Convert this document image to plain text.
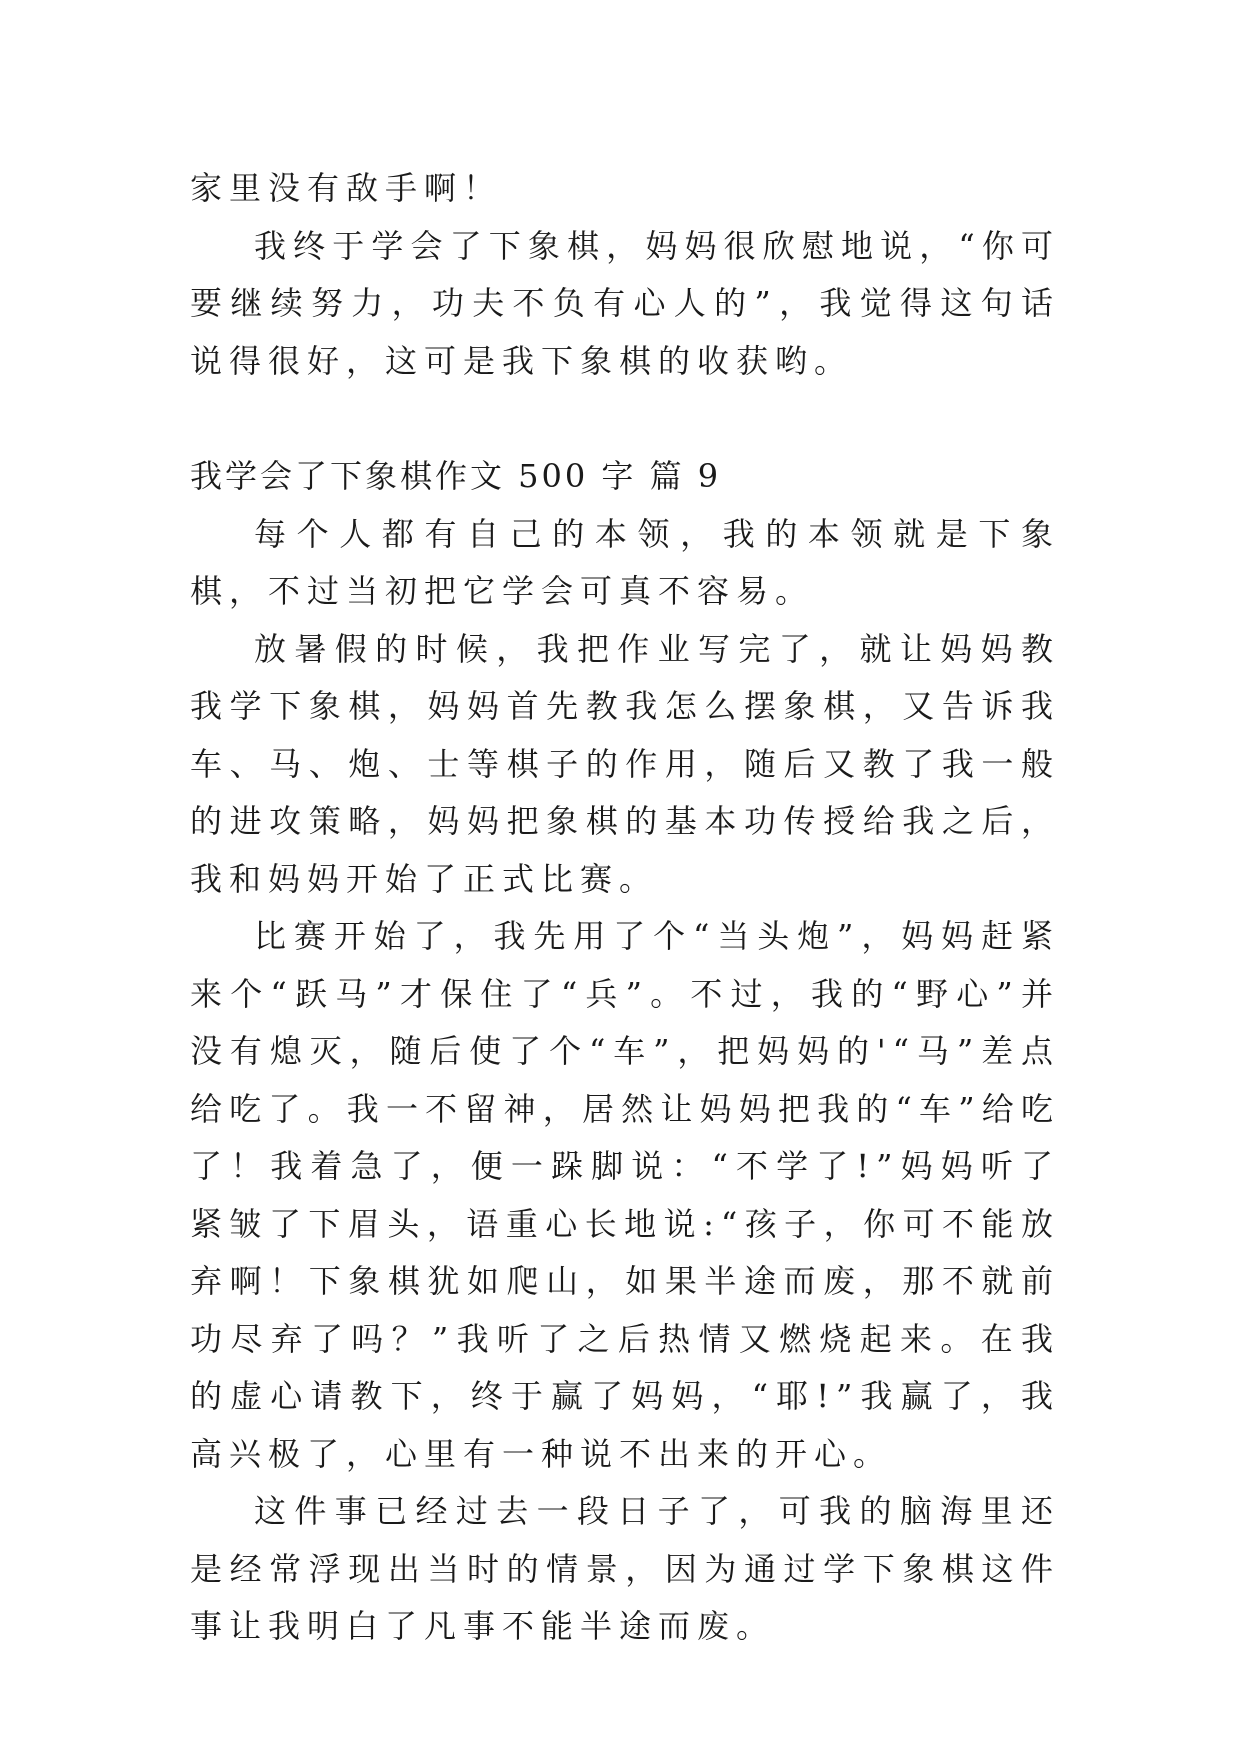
家里没有敌手啊！

我终于学会了下象棋，妈妈很欣慰地说，“你可要继续努力，功夫不负有心人的”，我觉得这句话说得很好，这可是我下象棋的收获哟。

我学会了下象棋作文 500 字 篇 9

每个人都有自己的本领，我的本领就是下象棋，不过当初把它学会可真不容易。

放暑假的时候，我把作业写完了，就让妈妈教我学下象棋，妈妈首先教我怎么摆象棋，又告诉我车、马、炮、士等棋子的作用，随后又教了我一般的进攻策略，妈妈把象棋的基本功传授给我之后，我和妈妈开始了正式比赛。

比赛开始了，我先用了个“当头炮”，妈妈赶紧来个“跃马”才保住了“兵”。不过，我的“野心”并没有熄灭，随后使了个“车”，把妈妈的'“马”差点给吃了。我一不留神，居然让妈妈把我的“车”给吃了！我着急了，便一跺脚说：“不学了!”妈妈听了紧皱了下眉头，语重心长地说:“孩子，你可不能放弃啊！下象棋犹如爬山，如果半途而废，那不就前功尽弃了吗？”我听了之后热情又燃烧起来。在我的虚心请教下，终于赢了妈妈，“耶!”我赢了，我高兴极了，心里有一种说不出来的开心。

这件事已经过去一段日子了，可我的脑海里还是经常浮现出当时的情景，因为通过学下象棋这件事让我明白了凡事不能半途而废。
